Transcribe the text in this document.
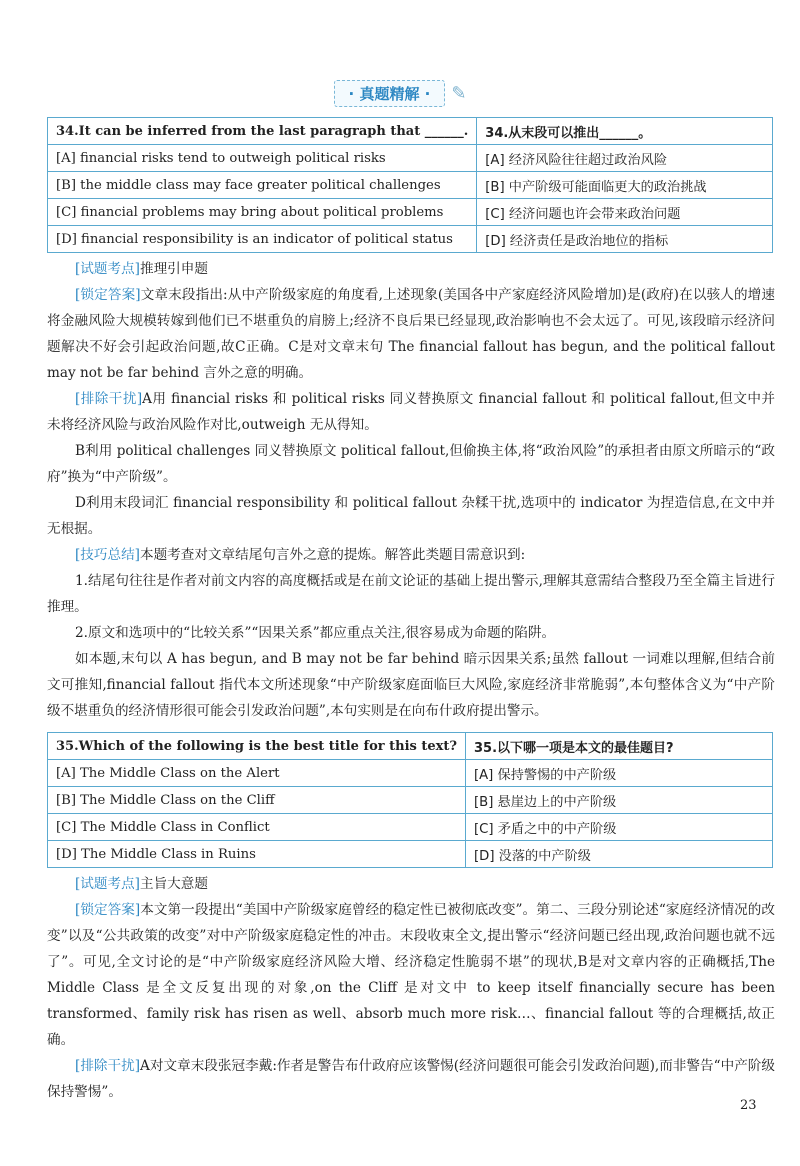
· 真题精解 ·	✎
34.It can be inferred from the last paragraph that ______.	34.从末段可以推出______。
[A] financial risks tend to outweigh political risks	[A] 经济风险往往超过政治风险
[B] the middle class may face greater political challenges	[B] 中产阶级可能面临更大的政治挑战
[C] financial problems may bring about political problems	[C] 经济问题也许会带来政治问题
[D] financial responsibility is an indicator of political status	[D] 经济责任是政治地位的指标

[试题考点]推理引申题

[锁定答案]文章末段指出:从中产阶级家庭的角度看,上述现象(美国各中产家庭经济风险增加)是(政府)在以骇人的增速将金融风险大规模转嫁到他们已不堪重负的肩膀上;经济不良后果已经显现,政治影响也不会太远了。可见,该段暗示经济问题解决不好会引起政治问题,故C正确。C是对文章末句 The financial fallout has begun, and the political fallout may not be far behind 言外之意的明确。

[排除干扰]A用 financial risks 和 political risks 同义替换原文 financial fallout 和 political fallout,但文中并未将经济风险与政治风险作对比,outweigh 无从得知。

B利用 political challenges 同义替换原文 political fallout,但偷换主体,将“政治风险”的承担者由原文所暗示的“政府”换为“中产阶级”。

D利用末段词汇 financial responsibility 和 political fallout 杂糅干扰,选项中的 indicator 为捏造信息,在文中并无根据。

[技巧总结]本题考查对文章结尾句言外之意的提炼。解答此类题目需意识到:

1.结尾句往往是作者对前文内容的高度概括或是在前文论证的基础上提出警示,理解其意需结合整段乃至全篇主旨进行推理。

2.原文和选项中的“比较关系”“因果关系”都应重点关注,很容易成为命题的陷阱。

如本题,末句以 A has begun, and B may not be far behind 暗示因果关系;虽然 fallout 一词难以理解,但结合前文可推知,financial fallout 指代本文所述现象“中产阶级家庭面临巨大风险,家庭经济非常脆弱”,本句整体含义为“中产阶级不堪重负的经济情形很可能会引发政治问题”,本句实则是在向布什政府提出警示。

35.Which of the following is the best title for this text?	35.以下哪一项是本文的最佳题目?
[A] The Middle Class on the Alert	[A] 保持警惕的中产阶级
[B] The Middle Class on the Cliff	[B] 悬崖边上的中产阶级
[C] The Middle Class in Conflict	[C] 矛盾之中的中产阶级
[D] The Middle Class in Ruins	[D] 没落的中产阶级

[试题考点]主旨大意题

[锁定答案]本文第一段提出“美国中产阶级家庭曾经的稳定性已被彻底改变”。第二、三段分别论述“家庭经济情况的改变”以及“公共政策的改变”对中产阶级家庭稳定性的冲击。末段收束全文,提出警示“经济问题已经出现,政治问题也就不远了”。可见,全文讨论的是“中产阶级家庭经济风险大增、经济稳定性脆弱不堪”的现状,B是对文章内容的正确概括,The Middle Class 是全文反复出现的对象,on the Cliff 是对文中 to keep itself financially secure has been transformed、family risk has risen as well、absorb much more risk…、financial fallout 等的合理概括,故正确。

[排除干扰]A对文章末段张冠李戴:作者是警告布什政府应该警惕(经济问题很可能会引发政治问题),而非警告“中产阶级保持警惕”。

23
